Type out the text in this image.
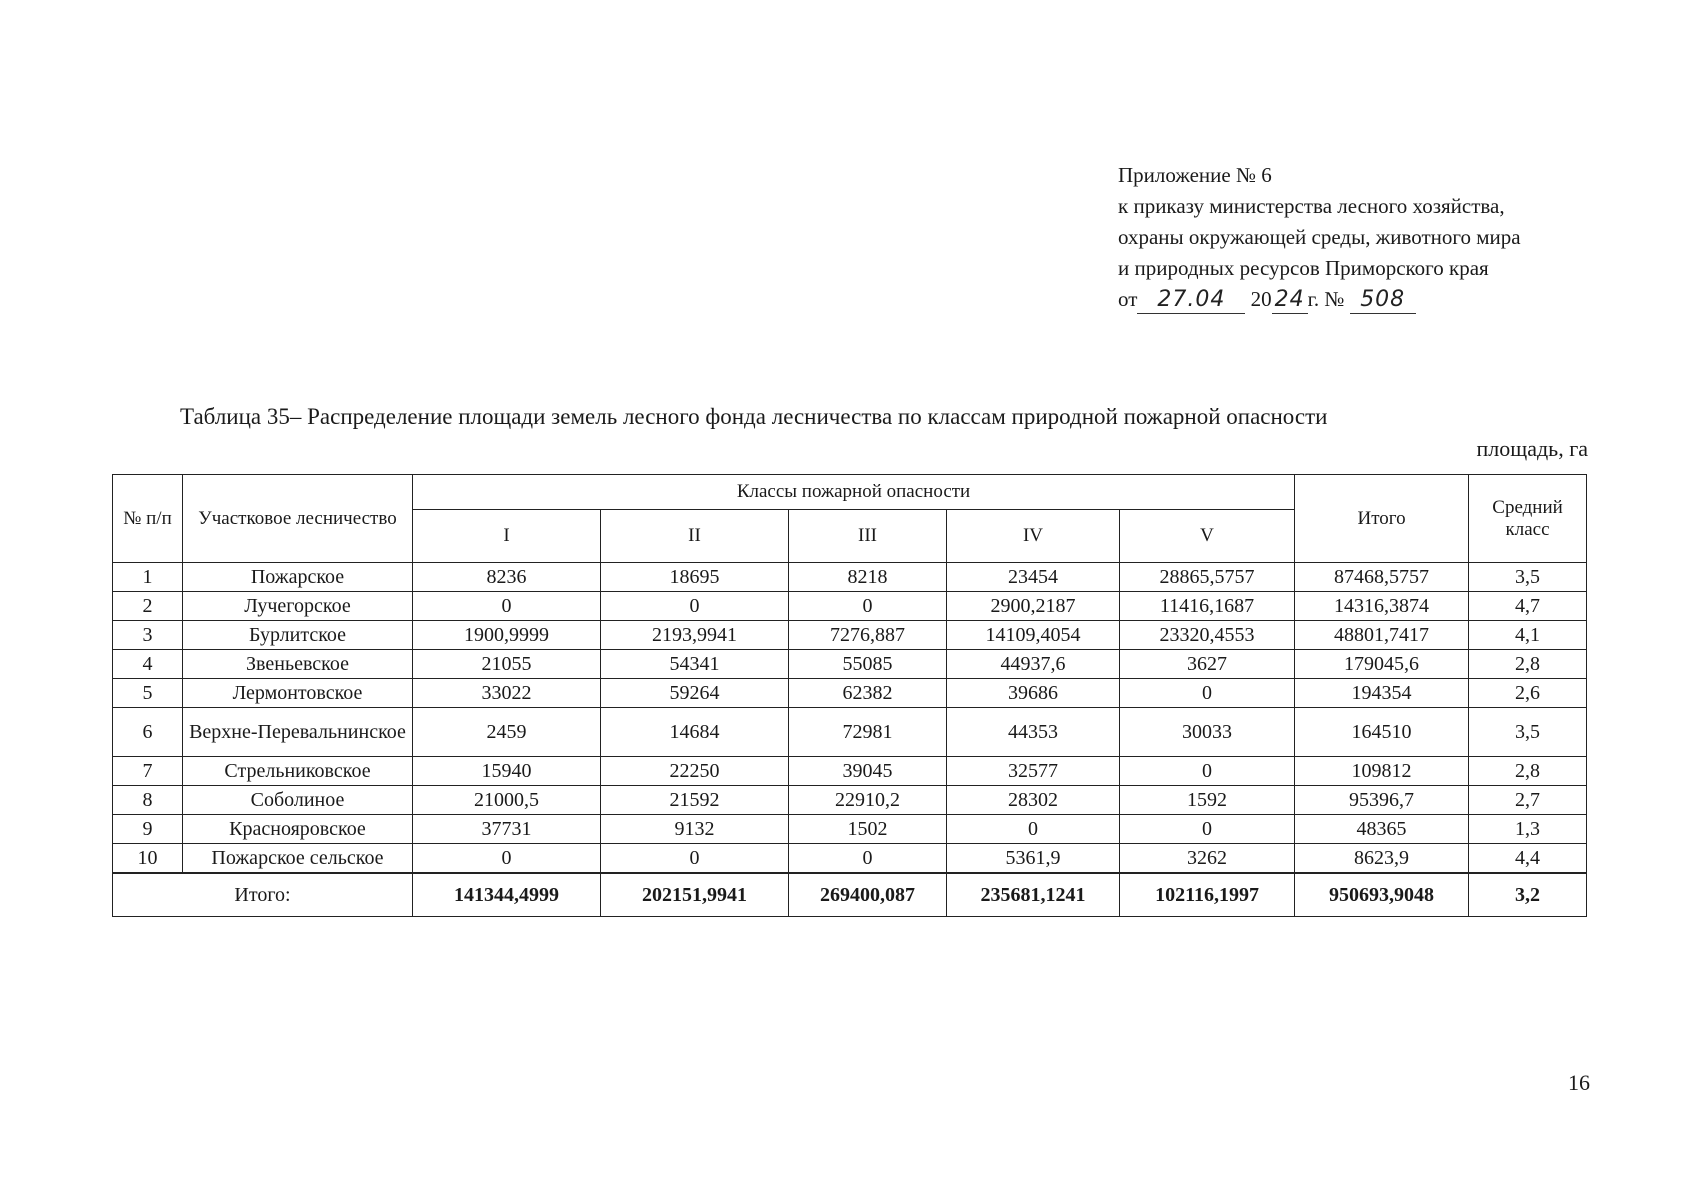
Приложение № 6
к приказу министерства лесного хозяйства,
охраны окружающей среды, животного мира
и природных ресурсов Приморского края
от 27.04 20 24 г. № 508
Таблица 35– Распределение площади земель лесного фонда лесничества по классам природной пожарной опасности
площадь, га
№ п/п	Участковое лесничество	Классы пожарной опасности					Итого	Средний класс
		I	II	III	IV	V		
1	Пожарское	8236	18695	8218	23454	28865,5757	87468,5757	3,5
2	Лучегорское	0	0	0	2900,2187	11416,1687	14316,3874	4,7
3	Бурлитское	1900,9999	2193,9941	7276,887	14109,4054	23320,4553	48801,7417	4,1
4	Звеньевское	21055	54341	55085	44937,6	3627	179045,6	2,8
5	Лермонтовское	33022	59264	62382	39686	0	194354	2,6
6	Верхне-Перевальнинское	2459	14684	72981	44353	30033	164510	3,5
7	Стрельниковское	15940	22250	39045	32577	0	109812	2,8
8	Соболиное	21000,5	21592	22910,2	28302	1592	95396,7	2,7
9	Краснояровское	37731	9132	1502	0	0	48365	1,3
10	Пожарское сельское	0	0	0	5361,9	3262	8623,9	4,4
Итого:		141344,4999	202151,9941	269400,087	235681,1241	102116,1997	950693,9048	3,2
16
